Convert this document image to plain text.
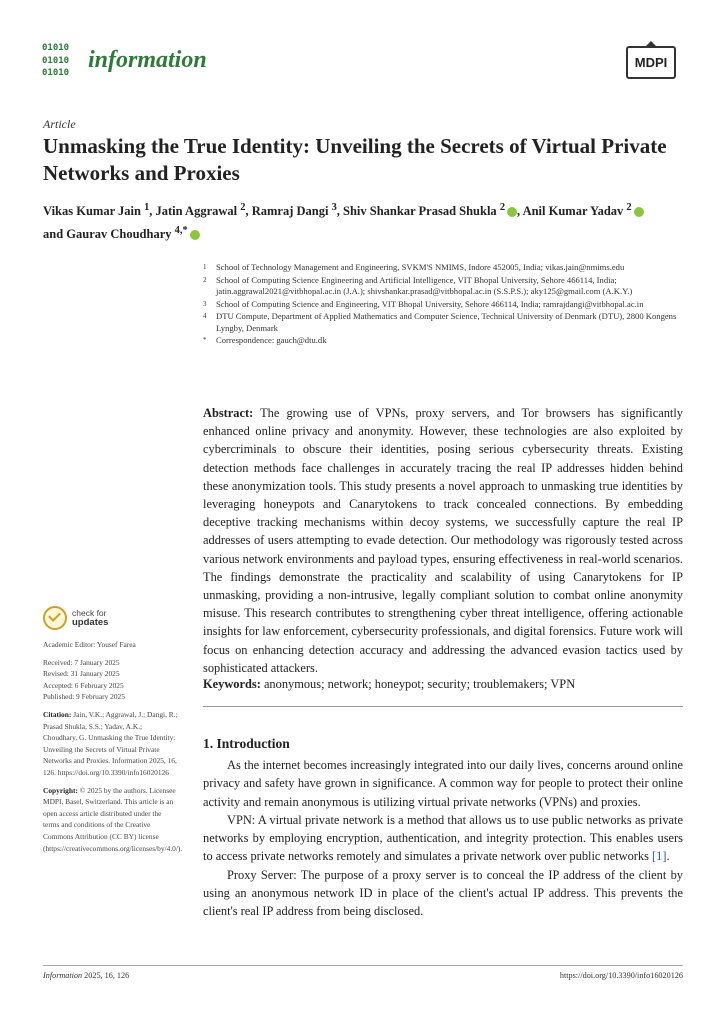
01010
01010
01010
information	MDPI
Article
Unmasking the True Identity: Unveiling the Secrets of Virtual Private Networks and Proxies
Vikas Kumar Jain $^1$, Jatin Aggrawal $^2$, Ramraj Dangi $^3$, Shiv Shankar Prasad Shukla $^2$ , Anil Kumar Yadav $^2$
and Gaurav Choudhary $^{4,*}$
1	School of Technology Management and Engineering, SVKM'S NMIMS, Indore 452005, India; vikas.jain@nmims.edu
2	School of Computing Science Engineering and Artificial Intelligence, VIT Bhopal University, Sehore 466114, India; jatin.aggrawal2021@vitbhopal.ac.in (J.A.); shivshankar.prasad@vitbhopal.ac.in (S.S.P.S.); aky125@gmail.com (A.K.Y.)
3	School of Computing Science and Engineering, VIT Bhopal University, Sehore 466114, India; ramrajdangi@vitbhopal.ac.in
4	DTU Compute, Department of Applied Mathematics and Computer Science, Technical University of Denmark (DTU), 2800 Kongens Lyngby, Denmark
*	Correspondence: gauch@dtu.dk
Abstract: The growing use of VPNs, proxy servers, and Tor browsers has significantly enhanced online privacy and anonymity. However, these technologies are also exploited by cybercriminals to obscure their identities, posing serious cybersecurity threats. Existing detection methods face challenges in accurately tracing the real IP addresses hidden behind these anonymization tools. This study presents a novel approach to unmasking true identities by leveraging honeypots and Canarytokens to track concealed connections. By embedding deceptive tracking mechanisms within decoy systems, we successfully capture the real IP addresses of users attempting to evade detection. Our methodology was rigorously tested across various network environments and payload types, ensuring effectiveness in real-world scenarios. The findings demonstrate the practicality and scalability of using Canarytokens for IP unmasking, providing a non-intrusive, legally compliant solution to combat online anonymity misuse. This research contributes to strengthening cyber threat intelligence, offering actionable insights for law enforcement, cybersecurity professionals, and digital forensics. Future work will focus on enhancing detection accuracy and addressing the advanced evasion tactics used by sophisticated attackers.
Keywords: anonymous; network; honeypot; security; troublemakers; VPN
1. Introduction

As the internet becomes increasingly integrated into our daily lives, concerns around online privacy and safety have grown in significance. A common way for people to protect their online activity and remain anonymous is utilizing virtual private networks (VPNs) and proxies.

VPN: A virtual private network is a method that allows us to use public networks as private networks by employing encryption, authentication, and integrity protection. This enables users to access private networks remotely and simulates a private network over public networks [1].

Proxy Server: The purpose of a proxy server is to conceal the IP address of the client by using an anonymous network ID in place of the client's actual IP address. This prevents the client's real IP address from being disclosed.

check for
updates
Academic Editor: Yousef Farea
Received: 7 January 2025
Revised: 31 January 2025
Accepted: 6 February 2025
Published: 9 February 2025
Citation: Jain, V.K.; Aggrawal, J.; Dangi, R.; Prasad Shukla, S.S.; Yadav, A.K.; Choudhary, G. Unmasking the True Identity: Unveiling the Secrets of Virtual Private Networks and Proxies. Information 2025, 16, 126. https://doi.org/10.3390/info16020126
Copyright: © 2025 by the authors. Licensee MDPI, Basel, Switzerland. This article is an open access article distributed under the terms and conditions of the Creative Commons Attribution (CC BY) license (https://creativecommons.org/licenses/by/4.0/).
Information 2025, 16, 126	https://doi.org/10.3390/info16020126
